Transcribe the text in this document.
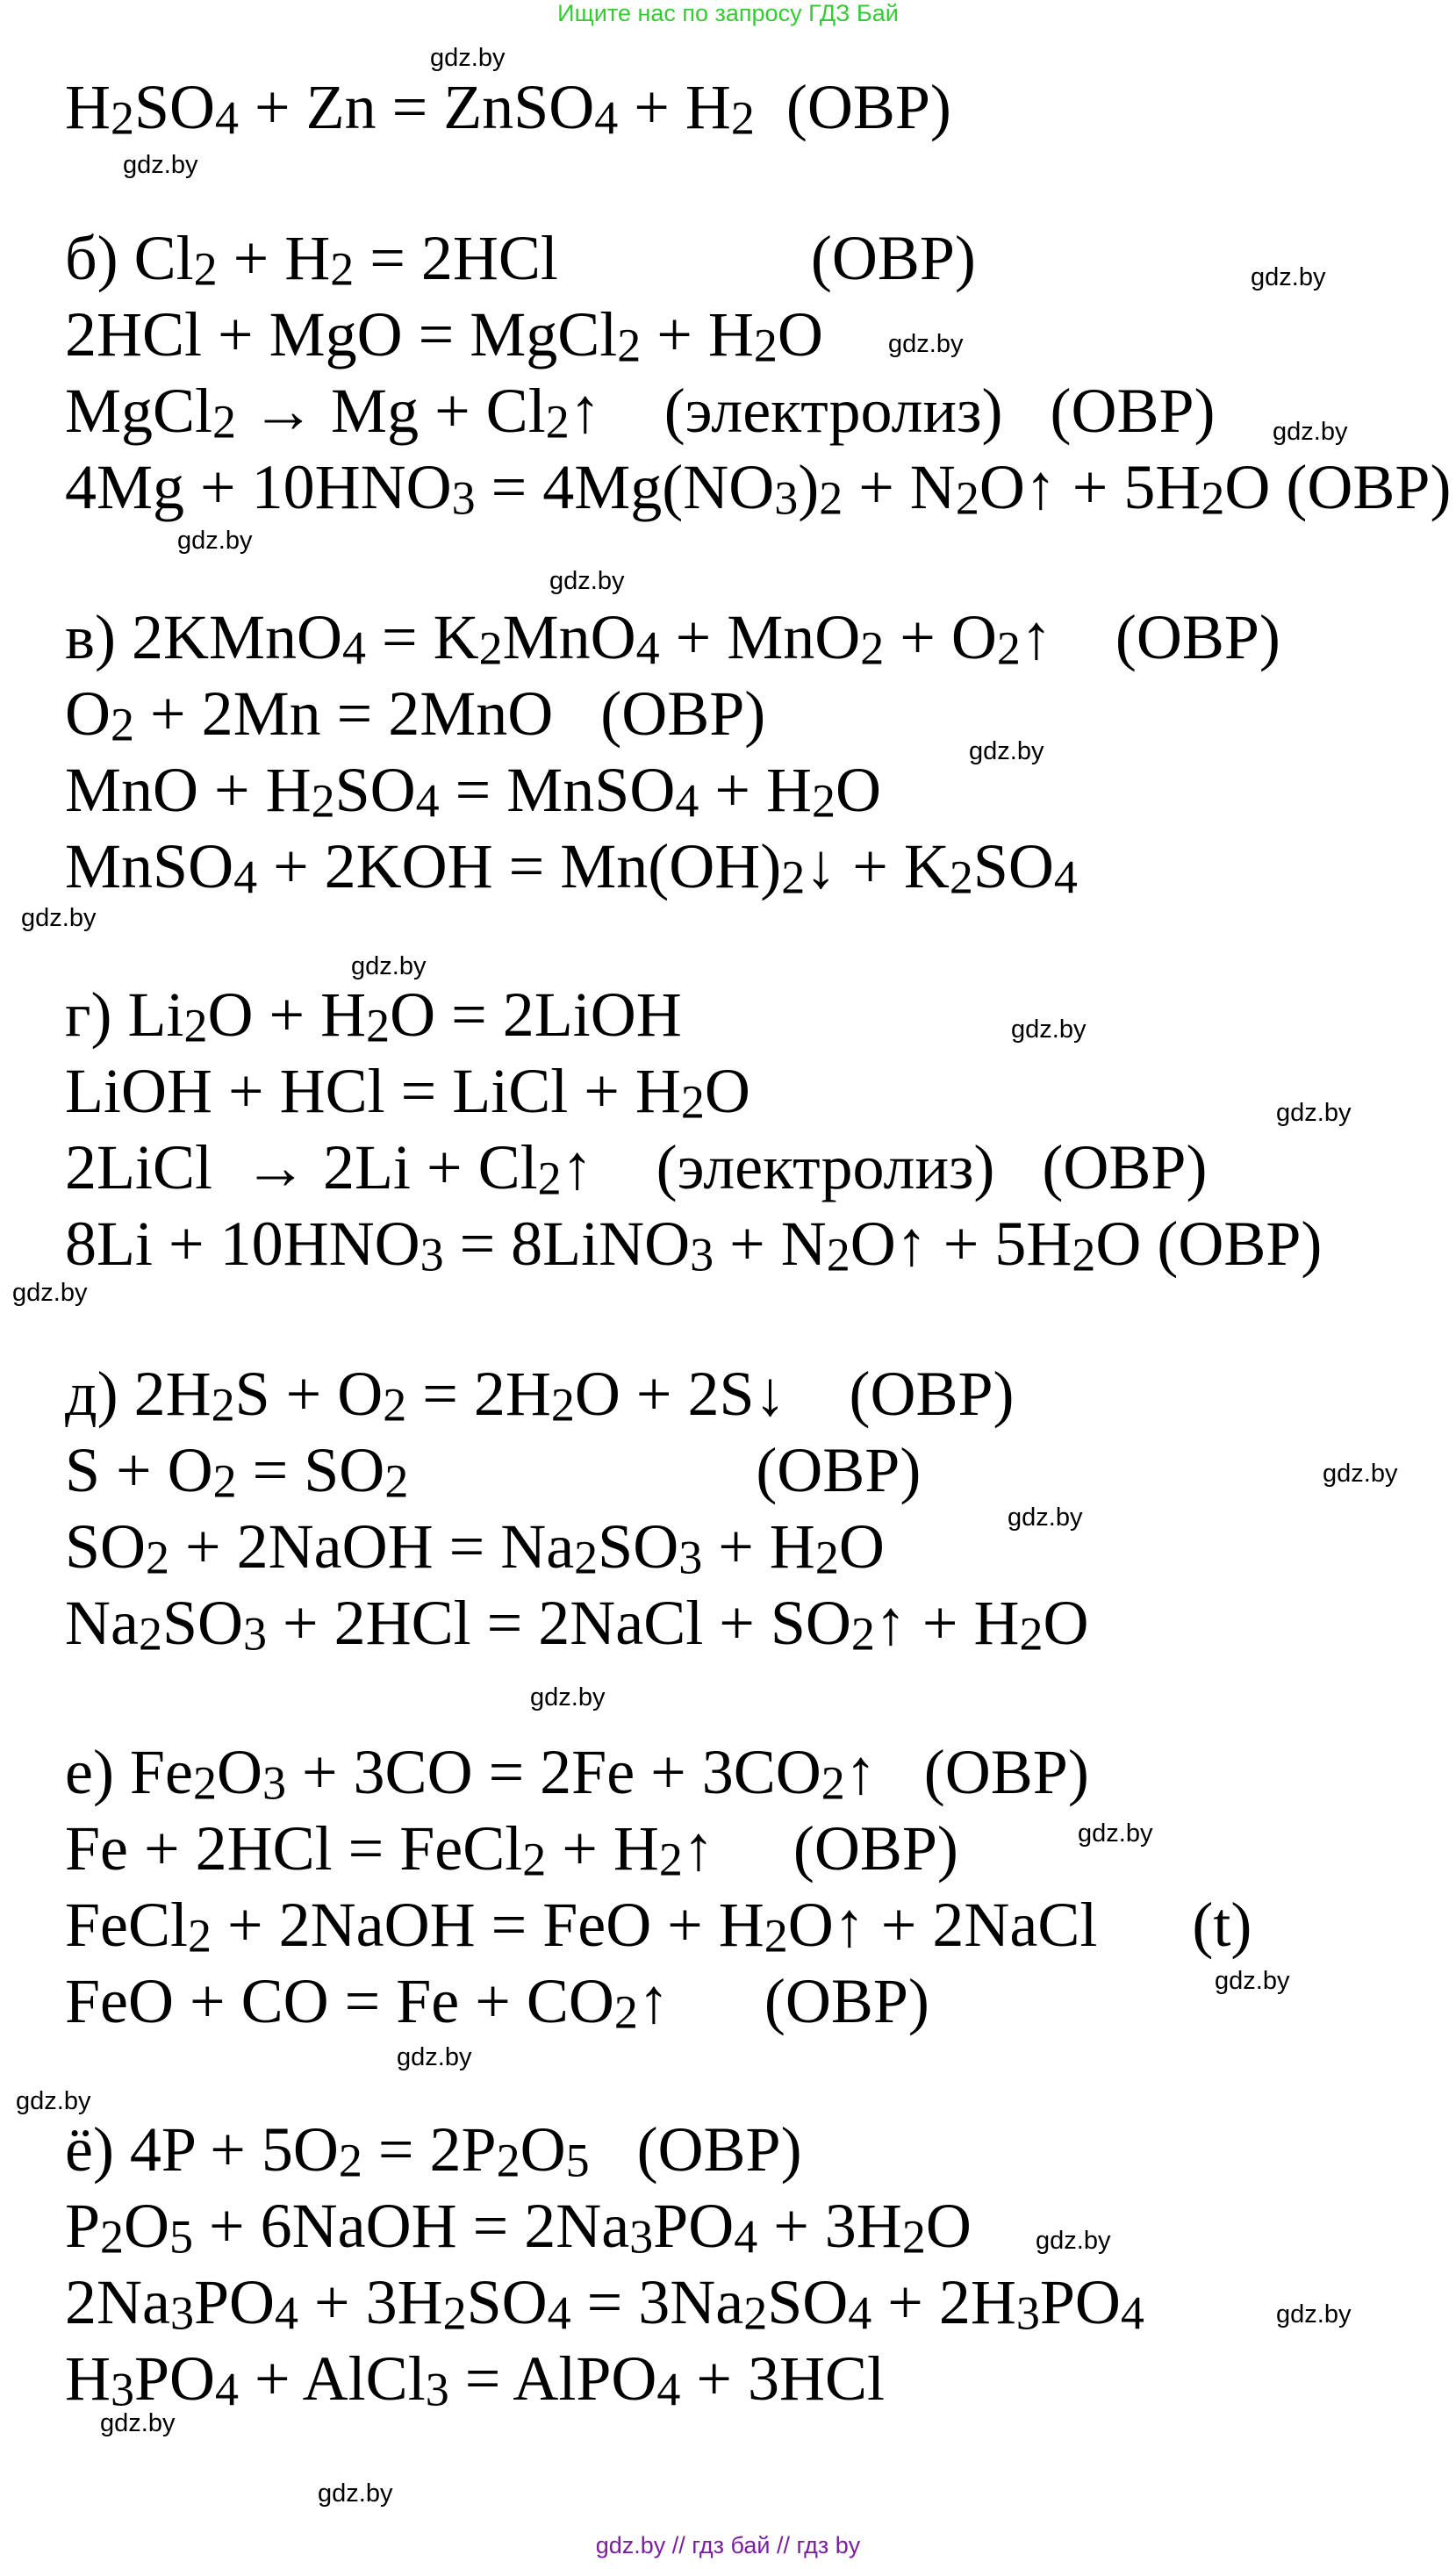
Ищите нас по запросу ГДЗ Бай
$H_2SO_4 + Zn$ = ZnSO$_4$ + $H_2$  (ОВР)
б) $Cl_2 + H_2 = 2HCl$                (ОВР)
2HCl + MgO = MgCl$_2$ + $H_2O$
MgCl$_2$ → $Mg + Cl_2↑$    (электролиз)   (ОВР)
$4Mg + 10HNO_3 = 4Mg(NO_3)_2$ + $N_2O↑ + 5H_2O$ (ОВР)
в) 2KMnO$_4$ = $K_2MnO_4 + MnO_2$ + $O_2↑$    (ОВР)
$O_2 + 2Mn = 2MnO$   (ОВР)
MnO + $H_2SO_4$ = MnSO$_4$ + $H_2O$
MnSO$_4$ + $2KOH = Mn(OH)_2↓ + K_2SO_4$
г) $Li_2O + H_2O$ = 2LiOH
LiOH + HCl = LiCl + $H_2O$
2LiCl  → $2Li + Cl_2↑$    (электролиз)   (ОВР)
$8Li + 10HNO_3$ = 8LiNO$_3$ + $N_2O↑ + 5H_2O$ (ОВР)
д) $2H_2S + O_2 = 2H_2O$ + 2S↓    (ОВР)
$S + O_2 = SO_2$                      (ОВР)
$SO_2$ + 2NaOH = $Na_2SO_3 + H_2O$
$Na_2SO_3 + 2HCl$ = 2NaCl + $SO_2↑ + H_2O$
е) $Fe_2O_3 + 3CO = 2Fe$ + $3CO_2↑$   (ОВР)
Fe + 2HCl = FeCl$_2$ + $H_2↑$     (ОВР)
FeCl$_2$ + 2NaOH = FeO + $H_2O↑$ + 2NaCl      (t)
FeO + CO = $Fe + CO_2↑$      (ОВР)
ё) $4P + 5O_2 = 2P_2O_5$   (ОВР)
$P_2O_5$ + 6NaOH = $2Na_3PO_4 + 3H_2O$
$2Na_3PO_4 + 3H_2SO_4 = 3Na_2SO_4 + 2H_3PO_4$
$H_3PO_4$ + AlCl$_3$ = AlPO$_4$ + 3HCl
gdz.by
gdz.by
gdz.by
gdz.by
gdz.by
gdz.by
gdz.by
gdz.by
gdz.by
gdz.by
gdz.by
gdz.by
gdz.by
gdz.by
gdz.by
gdz.by
gdz.by
gdz.by
gdz.by
gdz.by
gdz.by
gdz.by
gdz.by
gdz.by
gdz.by // гдз бай // гдз by
